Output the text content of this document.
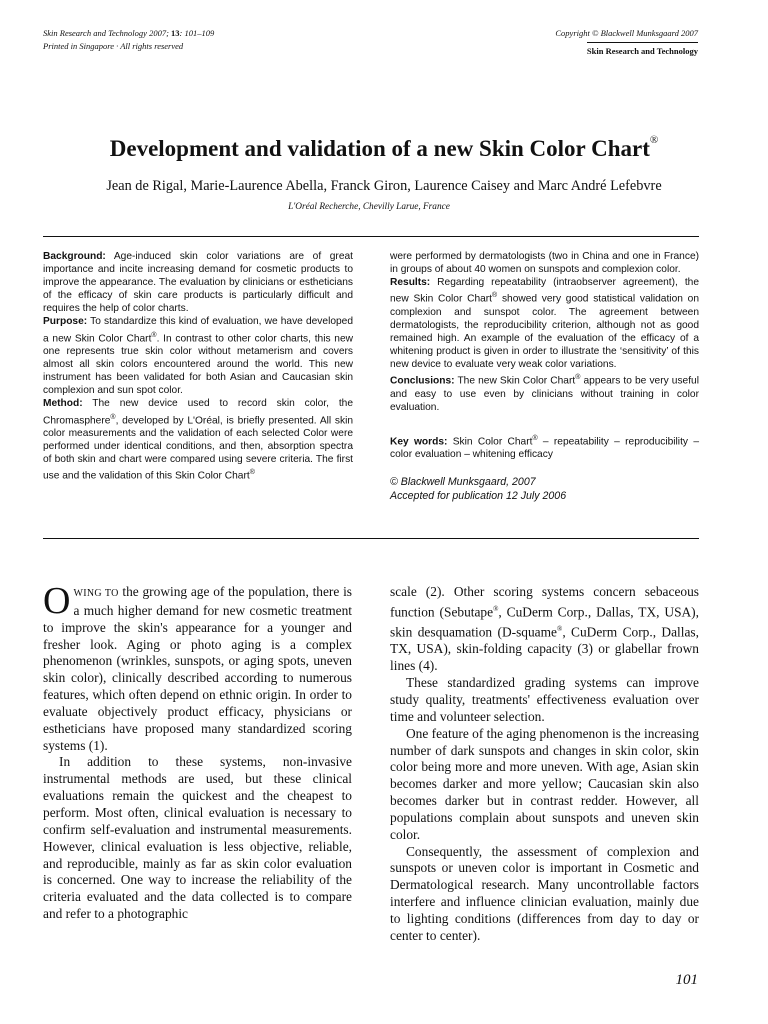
Skin Research and Technology 2007; 13: 101–109
Printed in Singapore · All rights reserved
Copyright © Blackwell Munksgaard 2007
Skin Research and Technology
Development and validation of a new Skin Color Chart®
Jean de Rigal, Marie-Laurence Abella, Franck Giron, Laurence Caisey and Marc André Lefebvre
L'Oréal Recherche, Chevilly Larue, France

Background: Age-induced skin color variations are of great importance and incite increasing demand for cosmetic products to improve the appearance. The evaluation by clinicians or estheticians of the efficacy of skin care products is particularly difficult and requires the help of color charts.

Purpose: To standardize this kind of evaluation, we have developed a new Skin Color Chart®. In contrast to other color charts, this new one represents true skin color without metamerism and covers almost all skin colors encountered around the world. This new instrument has been validated for both Asian and Caucasian skin complexion and sun spot color.

Method: The new device used to record skin color, the Chromasphere®, developed by L'Oréal, is briefly presented. All skin color measurements and the validation of each selected Color were performed under identical conditions, and then, absorption spectra of both skin and chart were compared using severe criteria. The first use and the validation of this Skin Color Chart®

were performed by dermatologists (two in China and one in France) in groups of about 40 women on sunspots and complexion color.

Results: Regarding repeatability (intraobserver agreement), the new Skin Color Chart® showed very good statistical validation on complexion and sunspot color. The agreement between dermatologists, the reproducibility criterion, although not as good remained high. An example of the evaluation of the efficacy of a whitening product is given in order to illustrate the ‘sensitivity’ of this new device to evaluate very weak color variations.

Conclusions: The new Skin Color Chart® appears to be very useful and easy to use even by clinicians without training in color evaluation.

Key words: Skin Color Chart® – repeatability – reproducibility – color evaluation – whitening efficacy

© Blackwell Munksgaard, 2007
Accepted for publication 12 July 2006

OWING TO the growing age of the population, there is a much higher demand for new cosmetic treatment to improve the skin's appearance for a younger and fresher look. Aging or photo aging is a complex phenomenon (wrinkles, sunspots, or aging spots, uneven skin color), clinically described according to numerous features, which often depend on ethnic origin. In order to evaluate objectively product efficacy, physicians or estheticians have proposed many standardized scoring systems (1).

In addition to these systems, non-invasive instrumental methods are used, but these clinical evaluations remain the quickest and the cheapest to perform. Most often, clinical evaluation is necessary to confirm self-evaluation and instrumental measurements. However, clinical evaluation is less objective, reliable, and reproducible, mainly as far as skin color evaluation is concerned. One way to increase the reliability of the criteria evaluated and the data collected is to compare and refer to a photographic

scale (2). Other scoring systems concern sebaceous function (Sebutape®, CuDerm Corp., Dallas, TX, USA), skin desquamation (D-squame®, CuDerm Corp., Dallas, TX, USA), skin-folding capacity (3) or glabellar frown lines (4).

These standardized grading systems can improve study quality, treatments' effectiveness evaluation over time and volunteer selection.

One feature of the aging phenomenon is the increasing number of dark sunspots and changes in skin color, skin color being more and more uneven. With age, Asian skin becomes darker and more yellow; Caucasian skin also becomes darker but in contrast redder. However, all populations complain about sunspots and uneven skin color.

Consequently, the assessment of complexion and sunspots or uneven color is important in Cosmetic and Dermatological research. Many uncontrollable factors interfere and influence clinician evaluation, mainly due to lighting conditions (differences from day to day or center to center).

101
